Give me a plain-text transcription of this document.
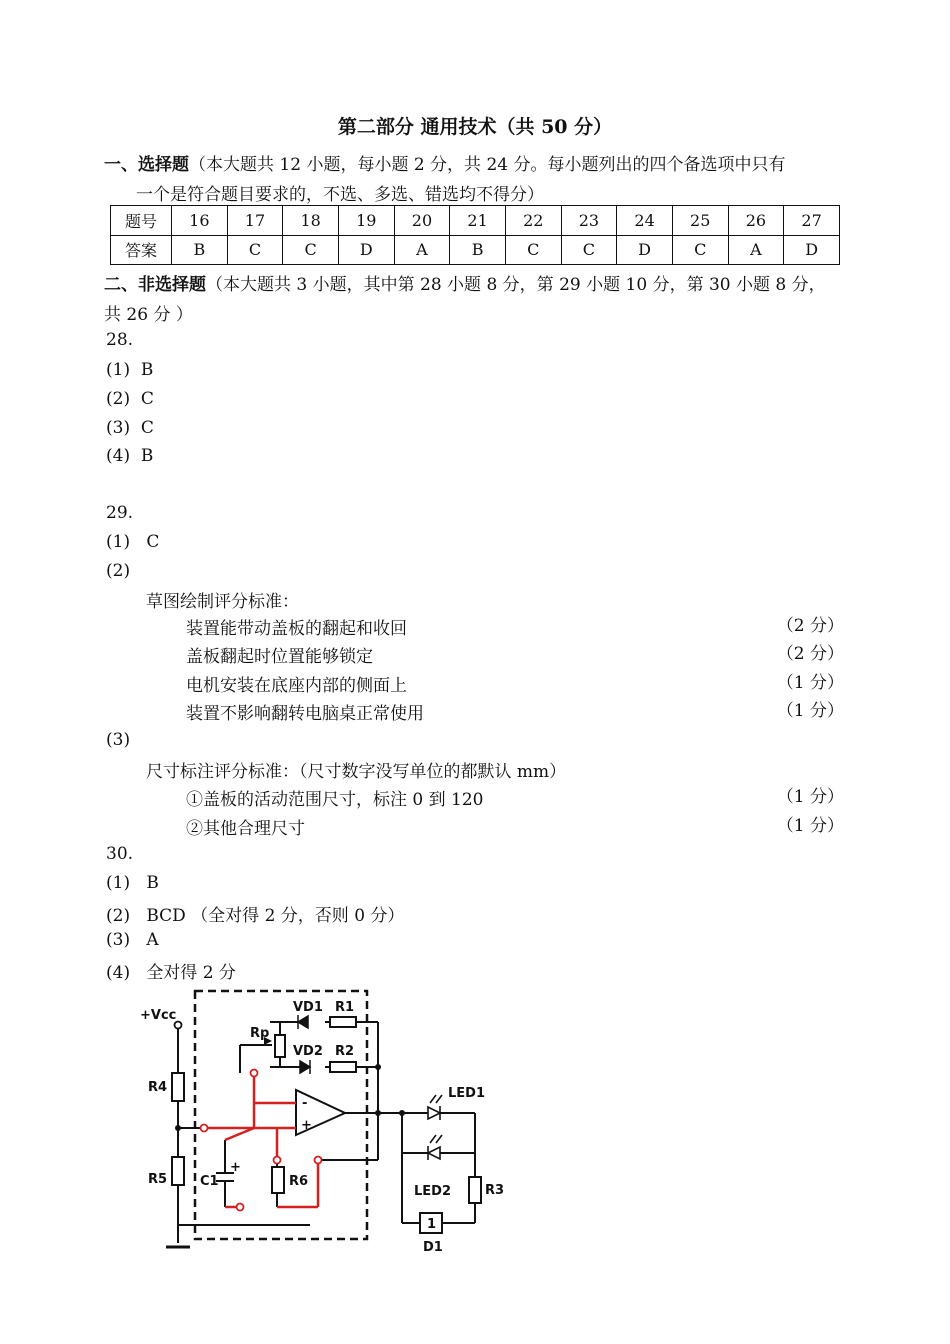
第二部分 通用技术（共 50 分）
一、选择题（本大题共 12 小题，每小题 2 分，共 24 分。每小题列出的四个备选项中只有
一个是符合题目要求的，不选、多选、错选均不得分）
题号	16	17	18	19	20	21	22	23	24	25	26	27
答案	B	C	C	D	A	B	C	C	D	C	A	D
二、非选择题（本大题共 3 小题，其中第 28 小题 8 分，第 29 小题 10 分，第 30 小题 8 分，
共 26 分 ）
28.
(1) B
(2) C
(3) C
(4) B
29.
(1) C
(2)
草图绘制评分标准：
装置能带动盖板的翻起和收回	（2 分）
盖板翻起时位置能够锁定	（2 分）
电机安装在底座内部的侧面上	（1 分）
装置不影响翻转电脑桌正常使用	（1 分）
(3)
尺寸标注评分标准：（尺寸数字没写单位的都默认 mm）
①盖板的活动范围尺寸，标注 0 到 120	（1 分）
②其他合理尺寸	（1 分）
30.
(1) B
(2) BCD （全对得 2 分，否则 0 分）
(3) A
(4) 全对得 2 分
+Vcc
R4
R5
VD1 R1
Rp
VD2 R2
-
+
+
C1	R6
LED1
LED2	R3
1
D1
